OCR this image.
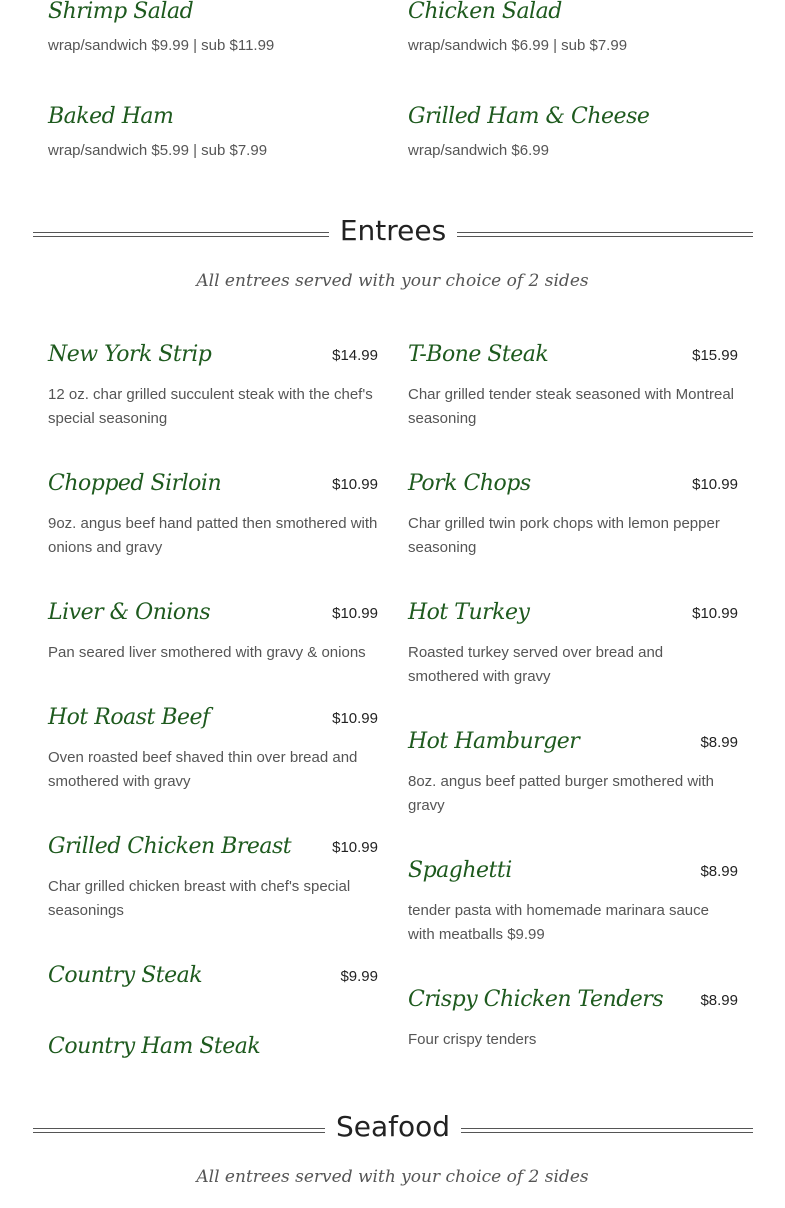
Shrimp Salad
wrap/sandwich $9.99 | sub $11.99
Chicken Salad
wrap/sandwich $6.99 | sub $7.99
Baked Ham
wrap/sandwich $5.99 | sub $7.99
Grilled Ham & Cheese
wrap/sandwich $6.99
Entrees
All entrees served with your choice of 2 sides
New York Strip	$14.99
12 oz. char grilled succulent steak with the chef's special seasoning
Chopped Sirloin	$10.99
9oz. angus beef hand patted then smothered with onions and gravy
Liver & Onions	$10.99
Pan seared liver smothered with gravy & onions
Hot Roast Beef	$10.99
Oven roasted beef shaved thin over bread and smothered with gravy
Grilled Chicken Breast	$10.99
Char grilled chicken breast with chef's special seasonings
Country Steak	$9.99
Country Ham Steak
T-Bone Steak	$15.99
Char grilled tender steak seasoned with Montreal seasoning
Pork Chops	$10.99
Char grilled twin pork chops with lemon pepper seasoning
Hot Turkey	$10.99
Roasted turkey served over bread and smothered with gravy
Hot Hamburger	$8.99
8oz. angus beef patted burger smothered with gravy
Spaghetti	$8.99
tender pasta with homemade marinara sauce with meatballs $9.99
Crispy Chicken Tenders	$8.99
Four crispy tenders
Seafood
All entrees served with your choice of 2 sides
